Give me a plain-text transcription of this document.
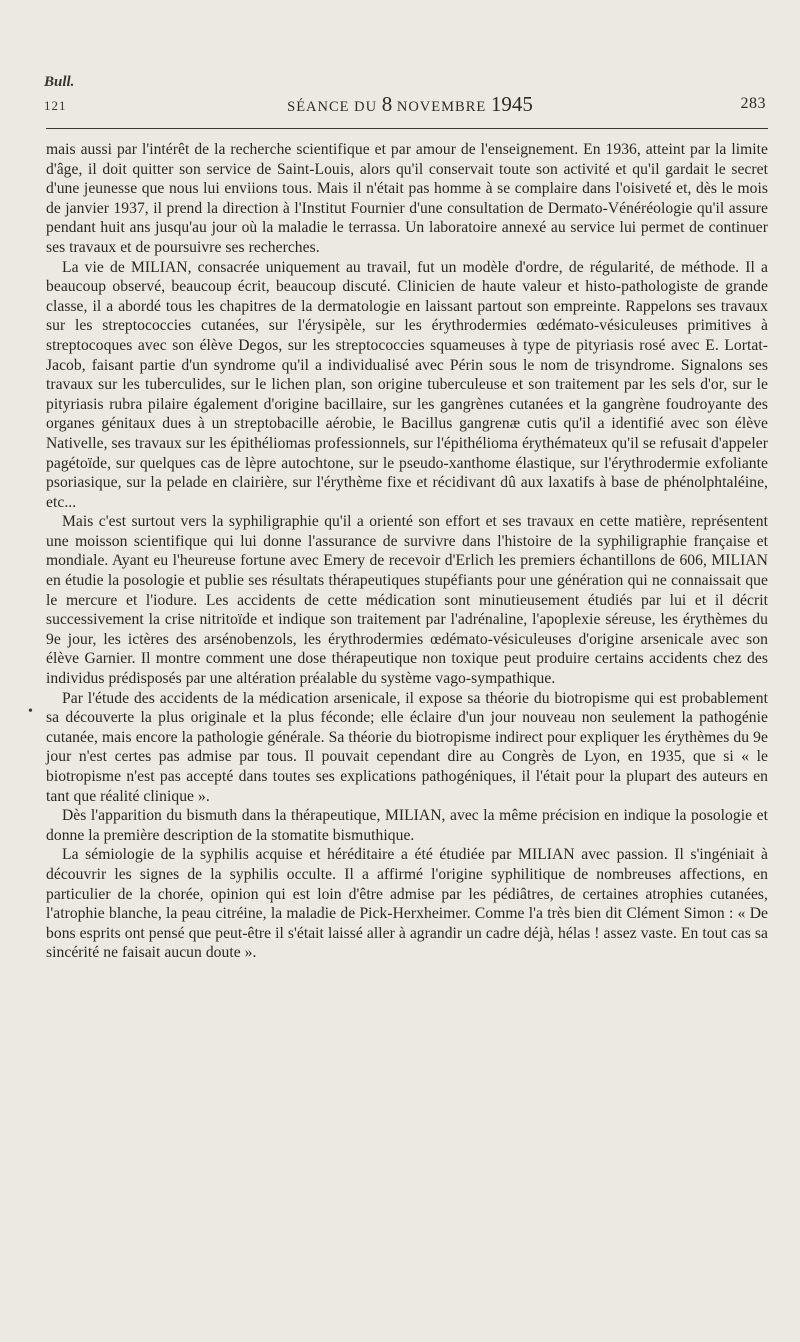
Bull.
121	SÉANCE DU 8 NOVEMBRE 1945	283
•

mais aussi par l'intérêt de la recherche scientifique et par amour de l'enseignement. En 1936, atteint par la limite d'âge, il doit quitter son service de Saint-Louis, alors qu'il conservait toute son activité et qu'il gardait le secret d'une jeunesse que nous lui enviions tous. Mais il n'était pas homme à se complaire dans l'oisiveté et, dès le mois de janvier 1937, il prend la direction à l'Institut Fournier d'une consultation de Dermato-Vénéréologie qu'il assure pendant huit ans jusqu'au jour où la maladie le terrassa. Un laboratoire annexé au service lui permet de continuer ses travaux et de poursuivre ses recherches.

La vie de MILIAN, consacrée uniquement au travail, fut un modèle d'ordre, de régularité, de méthode. Il a beaucoup observé, beaucoup écrit, beaucoup discuté. Clinicien de haute valeur et histo-pathologiste de grande classe, il a abordé tous les chapitres de la dermatologie en laissant partout son empreinte. Rappelons ses travaux sur les streptococcies cutanées, sur l'érysipèle, sur les érythrodermies œdémato-vésiculeuses primitives à streptocoques avec son élève Degos, sur les streptococcies squameuses à type de pityriasis rosé avec E. Lortat-Jacob, faisant partie d'un syndrome qu'il a individualisé avec Périn sous le nom de trisyndrome. Signalons ses travaux sur les tuberculides, sur le lichen plan, son origine tuberculeuse et son traitement par les sels d'or, sur le pityriasis rubra pilaire également d'origine bacillaire, sur les gangrènes cutanées et la gangrène foudroyante des organes génitaux dues à un streptobacille aérobie, le Bacillus gangrenæ cutis qu'il a identifié avec son élève Nativelle, ses travaux sur les épithéliomas professionnels, sur l'épithélioma érythémateux qu'il se refusait d'appeler pagétoïde, sur quelques cas de lèpre autochtone, sur le pseudo-xanthome élastique, sur l'érythrodermie exfoliante psoriasique, sur la pelade en clairière, sur l'érythème fixe et récidivant dû aux laxatifs à base de phénolphtaléine, etc...

Mais c'est surtout vers la syphiligraphie qu'il a orienté son effort et ses travaux en cette matière, représentent une moisson scientifique qui lui donne l'assurance de survivre dans l'histoire de la syphiligraphie française et mondiale. Ayant eu l'heureuse fortune avec Emery de recevoir d'Erlich les premiers échantillons de 606, MILIAN en étudie la posologie et publie ses résultats thérapeutiques stupéfiants pour une génération qui ne connaissait que le mercure et l'iodure. Les accidents de cette médication sont minutieusement étudiés par lui et il décrit successivement la crise nitritoïde et indique son traitement par l'adrénaline, l'apoplexie séreuse, les érythèmes du 9e jour, les ictères des arsénobenzols, les érythrodermies œdémato-vésiculeuses d'origine arsenicale avec son élève Garnier. Il montre comment une dose thérapeutique non toxique peut produire certains accidents chez des individus prédisposés par une altération préalable du système vago-sympathique.

Par l'étude des accidents de la médication arsenicale, il expose sa théorie du biotropisme qui est probablement sa découverte la plus originale et la plus féconde; elle éclaire d'un jour nouveau non seulement la pathogénie cutanée, mais encore la pathologie générale. Sa théorie du biotropisme indirect pour expliquer les érythèmes du 9e jour n'est certes pas admise par tous. Il pouvait cependant dire au Congrès de Lyon, en 1935, que si « le biotropisme n'est pas accepté dans toutes ses explications pathogéniques, il l'était pour la plupart des auteurs en tant que réalité clinique ».

Dès l'apparition du bismuth dans la thérapeutique, MILIAN, avec la même précision en indique la posologie et donne la première description de la stomatite bismuthique.

La sémiologie de la syphilis acquise et héréditaire a été étudiée par MILIAN avec passion. Il s'ingéniait à découvrir les signes de la syphilis occulte. Il a affirmé l'origine syphilitique de nombreuses affections, en particulier de la chorée, opinion qui est loin d'être admise par les pédiâtres, de certaines atrophies cutanées, l'atrophie blanche, la peau citréine, la maladie de Pick-Herxheimer. Comme l'a très bien dit Clément Simon : « De bons esprits ont pensé que peut-être il s'était laissé aller à agrandir un cadre déjà, hélas ! assez vaste. En tout cas sa sincérité ne faisait aucun doute ».
